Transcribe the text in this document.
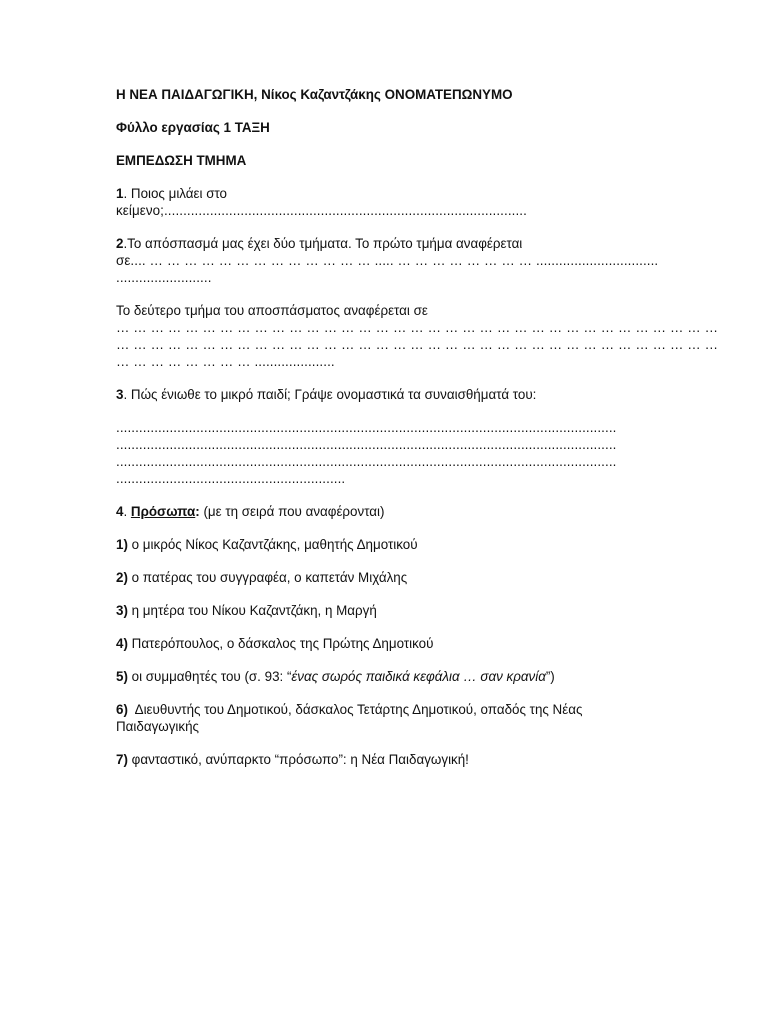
Η ΝΕΑ ΠΑΙΔΑΓΩΓΙΚΗ, Νίκος Καζαντζάκης ΟΝΟΜΑΤΕΠΩΝΥΜΟ

Φύλλο εργασίας 1 ΤΑΞΗ

ΕΜΠΕΔΩΣΗ ΤΜΗΜΑ

1. Ποιος μιλάει στο

κείμενο;...............................................................................................

2.Το απόσπασμά μας έχει δύο τμήματα. Το πρώτο τμήμα αναφέρεται

σε.... … … … … … … … … … … … … … ..... … … … … … … … … ................................
.........................

Το δεύτερο τμήμα του αποσπάσματος αναφέρεται σε

… … … … … … … … … … … … … … … … … … … … … … … … … … … … … … … … … … …
… … … … … … … … … … … … … … … … … … … … … … … … … … … … … … … … … … …
… … … … … … … … .....................

3. Πώς ένιωθε το μικρό παιδί; Γράψε ονομαστικά τα συναισθήματά του:

...................................................................................................................................
...................................................................................................................................
...................................................................................................................................
............................................................

4. Πρόσωπα: (με τη σειρά που αναφέρονται)

1) ο μικρός Νίκος Καζαντζάκης, μαθητής Δημοτικού

2) ο πατέρας του συγγραφέα, ο καπετάν Μιχάλης

3) η μητέρα του Νίκου Καζαντζάκη, η Μαργή

4) Πατερόπουλος, ο δάσκαλος της Πρώτης Δημοτικού

5) οι συμμαθητές του (σ. 93: “ένας σωρός παιδικά κεφάλια … σαν κρανία”)

6)  Διευθυντής του Δημοτικού, δάσκαλος Τετάρτης Δημοτικού, οπαδός της Νέας Παιδαγωγικής

7) φανταστικό, ανύπαρκτο “πρόσωπο”: η Νέα Παιδαγωγική!
